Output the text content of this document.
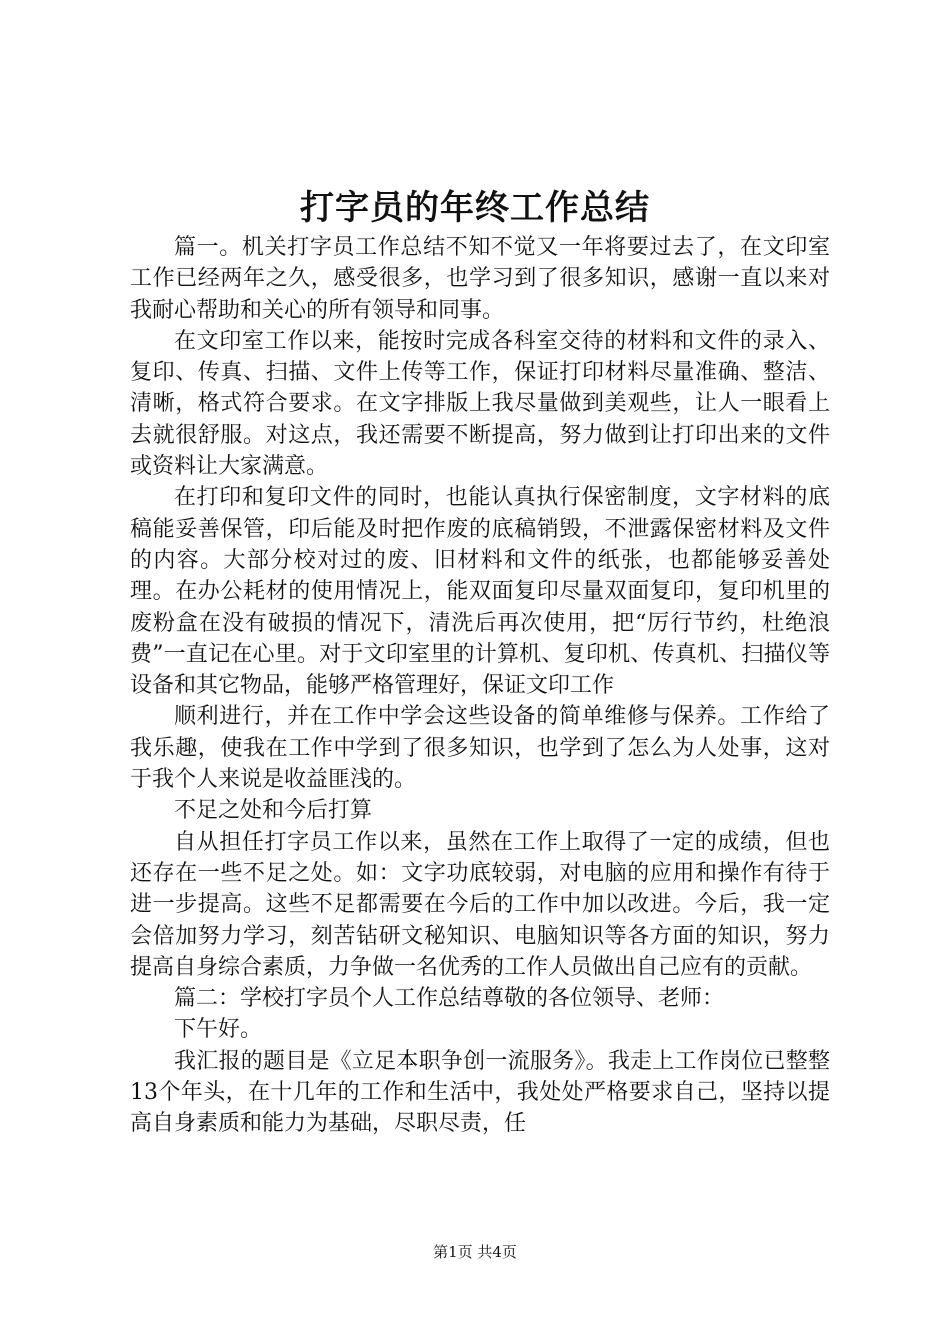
打字员的年终工作总结

篇一。机关打字员工作总结不知不觉又一年将要过去了，在文印室工作已经两年之久，感受很多，也学习到了很多知识，感谢一直以来对我耐心帮助和关心的所有领导和同事。

在文印室工作以来，能按时完成各科室交待的材料和文件的录入、复印、传真、扫描、文件上传等工作，保证打印材料尽量准确、整洁、清晰，格式符合要求。在文字排版上我尽量做到美观些，让人一眼看上去就很舒服。对这点，我还需要不断提高，努力做到让打印出来的文件或资料让大家满意。

在打印和复印文件的同时，也能认真执行保密制度，文字材料的底稿能妥善保管，印后能及时把作废的底稿销毁，不泄露保密材料及文件的内容。大部分校对过的废、旧材料和文件的纸张，也都能够妥善处理。在办公耗材的使用情况上，能双面复印尽量双面复印，复印机里的废粉盒在没有破损的情况下，清洗后再次使用，把“厉行节约，杜绝浪费”一直记在心里。对于文印室里的计算机、复印机、传真机、扫描仪等设备和其它物品，能够严格管理好，保证文印工作

顺利进行，并在工作中学会这些设备的简单维修与保养。工作给了我乐趣，使我在工作中学到了很多知识，也学到了怎么为人处事，这对于我个人来说是收益匪浅的。

不足之处和今后打算

自从担任打字员工作以来，虽然在工作上取得了一定的成绩，但也还存在一些不足之处。如：文字功底较弱，对电脑的应用和操作有待于进一步提高。这些不足都需要在今后的工作中加以改进。今后，我一定会倍加努力学习，刻苦钻研文秘知识、电脑知识等各方面的知识，努力提高自身综合素质，力争做一名优秀的工作人员做出自己应有的贡献。

篇二：学校打字员个人工作总结尊敬的各位领导、老师：

下午好。

我汇报的题目是《立足本职争创一流服务》。我走上工作岗位已整整13个年头，在十几年的工作和生活中，我处处严格要求自己，坚持以提高自身素质和能力为基础，尽职尽责，任

第1页 共4页
